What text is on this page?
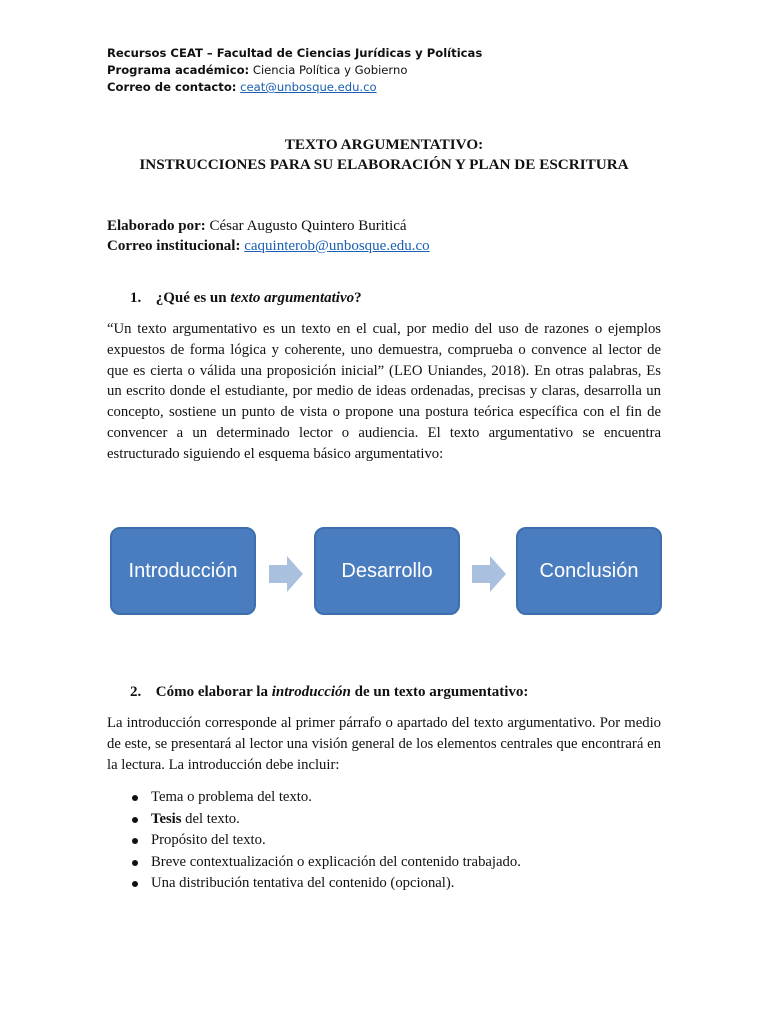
Recursos CEAT – Facultad de Ciencias Jurídicas y Políticas
Programa académico: Ciencia Política y Gobierno
Correo de contacto: ceat@unbosque.edu.co
TEXTO ARGUMENTATIVO:
INSTRUCCIONES PARA SU ELABORACIÓN Y PLAN DE ESCRITURA
Elaborado por: César Augusto Quintero Buriticá
Correo institucional: caquinterob@unbosque.edu.co
1. ¿Qué es un texto argumentativo?
“Un texto argumentativo es un texto en el cual, por medio del uso de razones o ejemplos expuestos de forma lógica y coherente, uno demuestra, comprueba o convence al lector de que es cierta o válida una proposición inicial” (LEO Uniandes, 2018). En otras palabras, Es un escrito donde el estudiante, por medio de ideas ordenadas, precisas y claras, desarrolla un concepto, sostiene un punto de vista o propone una postura teórica específica con el fin de convencer a un determinado lector o audiencia. El texto argumentativo se encuentra estructurado siguiendo el esquema básico argumentativo:
Introducción	Desarrollo	Conclusión
2. Cómo elaborar la introducción de un texto argumentativo:
La introducción corresponde al primer párrafo o apartado del texto argumentativo. Por medio de este, se presentará al lector una visión general de los elementos centrales que encontrará en la lectura. La introducción debe incluir:
Tema o problema del texto.
Tesis del texto.
Propósito del texto.
Breve contextualización o explicación del contenido trabajado.
Una distribución tentativa del contenido (opcional).
